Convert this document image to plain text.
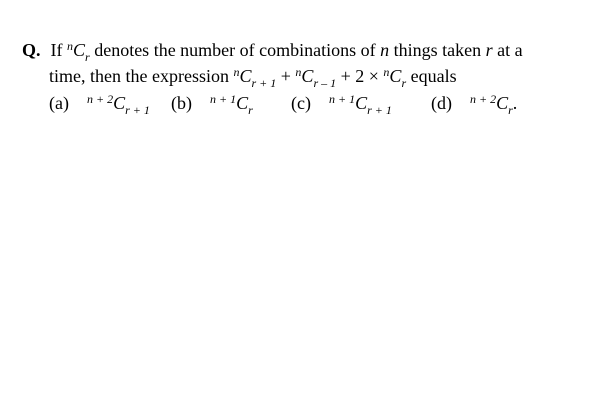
Q. If $^nC_r$ denotes the number of combinations of n things taken r at a
time, then the expression $^nC_{r + 1} + ^nC_{r - 1} + 2 \times ^nC_r$ equals
(a) $^{n + 2}C_{r + 1}$ (b) $^{n + 1}C_r$ (c) $^{n + 1}C_{r + 1}$ (d) $^{n + 2}C_r$.
